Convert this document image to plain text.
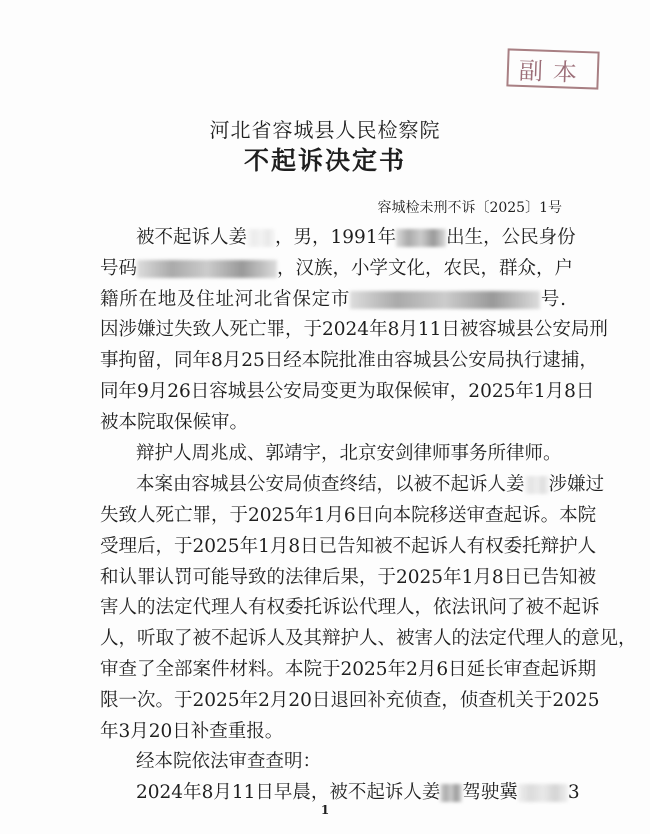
副本
河北省容城县人民检察院
不起诉决定书
容城检未刑不诉〔2025〕1号
被不起诉人姜 ，男，1991年	出生，公民身份
号码	，汉族，小学文化，农民，群众，户
籍所在地及住址河北省保定市	号.
因涉嫌过失致人死亡罪，于2024年8月11日被容城县公安局刑
事拘留，同年8月25日经本院批准由容城县公安局执行逮捕，
同年9月26日容城县公安局变更为取保候审，2025年1月8日
被本院取保候审。
辩护人周兆成、郭靖宇，北京安剑律师事务所律师。
本案由容城县公安局侦查终结，以被不起诉人姜 涉嫌过
失致人死亡罪，于2025年1月6日向本院移送审查起诉。本院
受理后，于2025年1月8日已告知被不起诉人有权委托辩护人
和认罪认罚可能导致的法律后果，于2025年1月8日已告知被
害人的法定代理人有权委托诉讼代理人，依法讯问了被不起诉
人，听取了被不起诉人及其辩护人、被害人的法定代理人的意见，
审查了全部案件材料。本院于2025年2月6日延长审查起诉期
限一次。于2025年2月20日退回补充侦查，侦查机关于2025
年3月20日补查重报。
经本院依法审查查明：
2024年8月11日早晨，被不起诉人姜 驾驶冀	3
1
